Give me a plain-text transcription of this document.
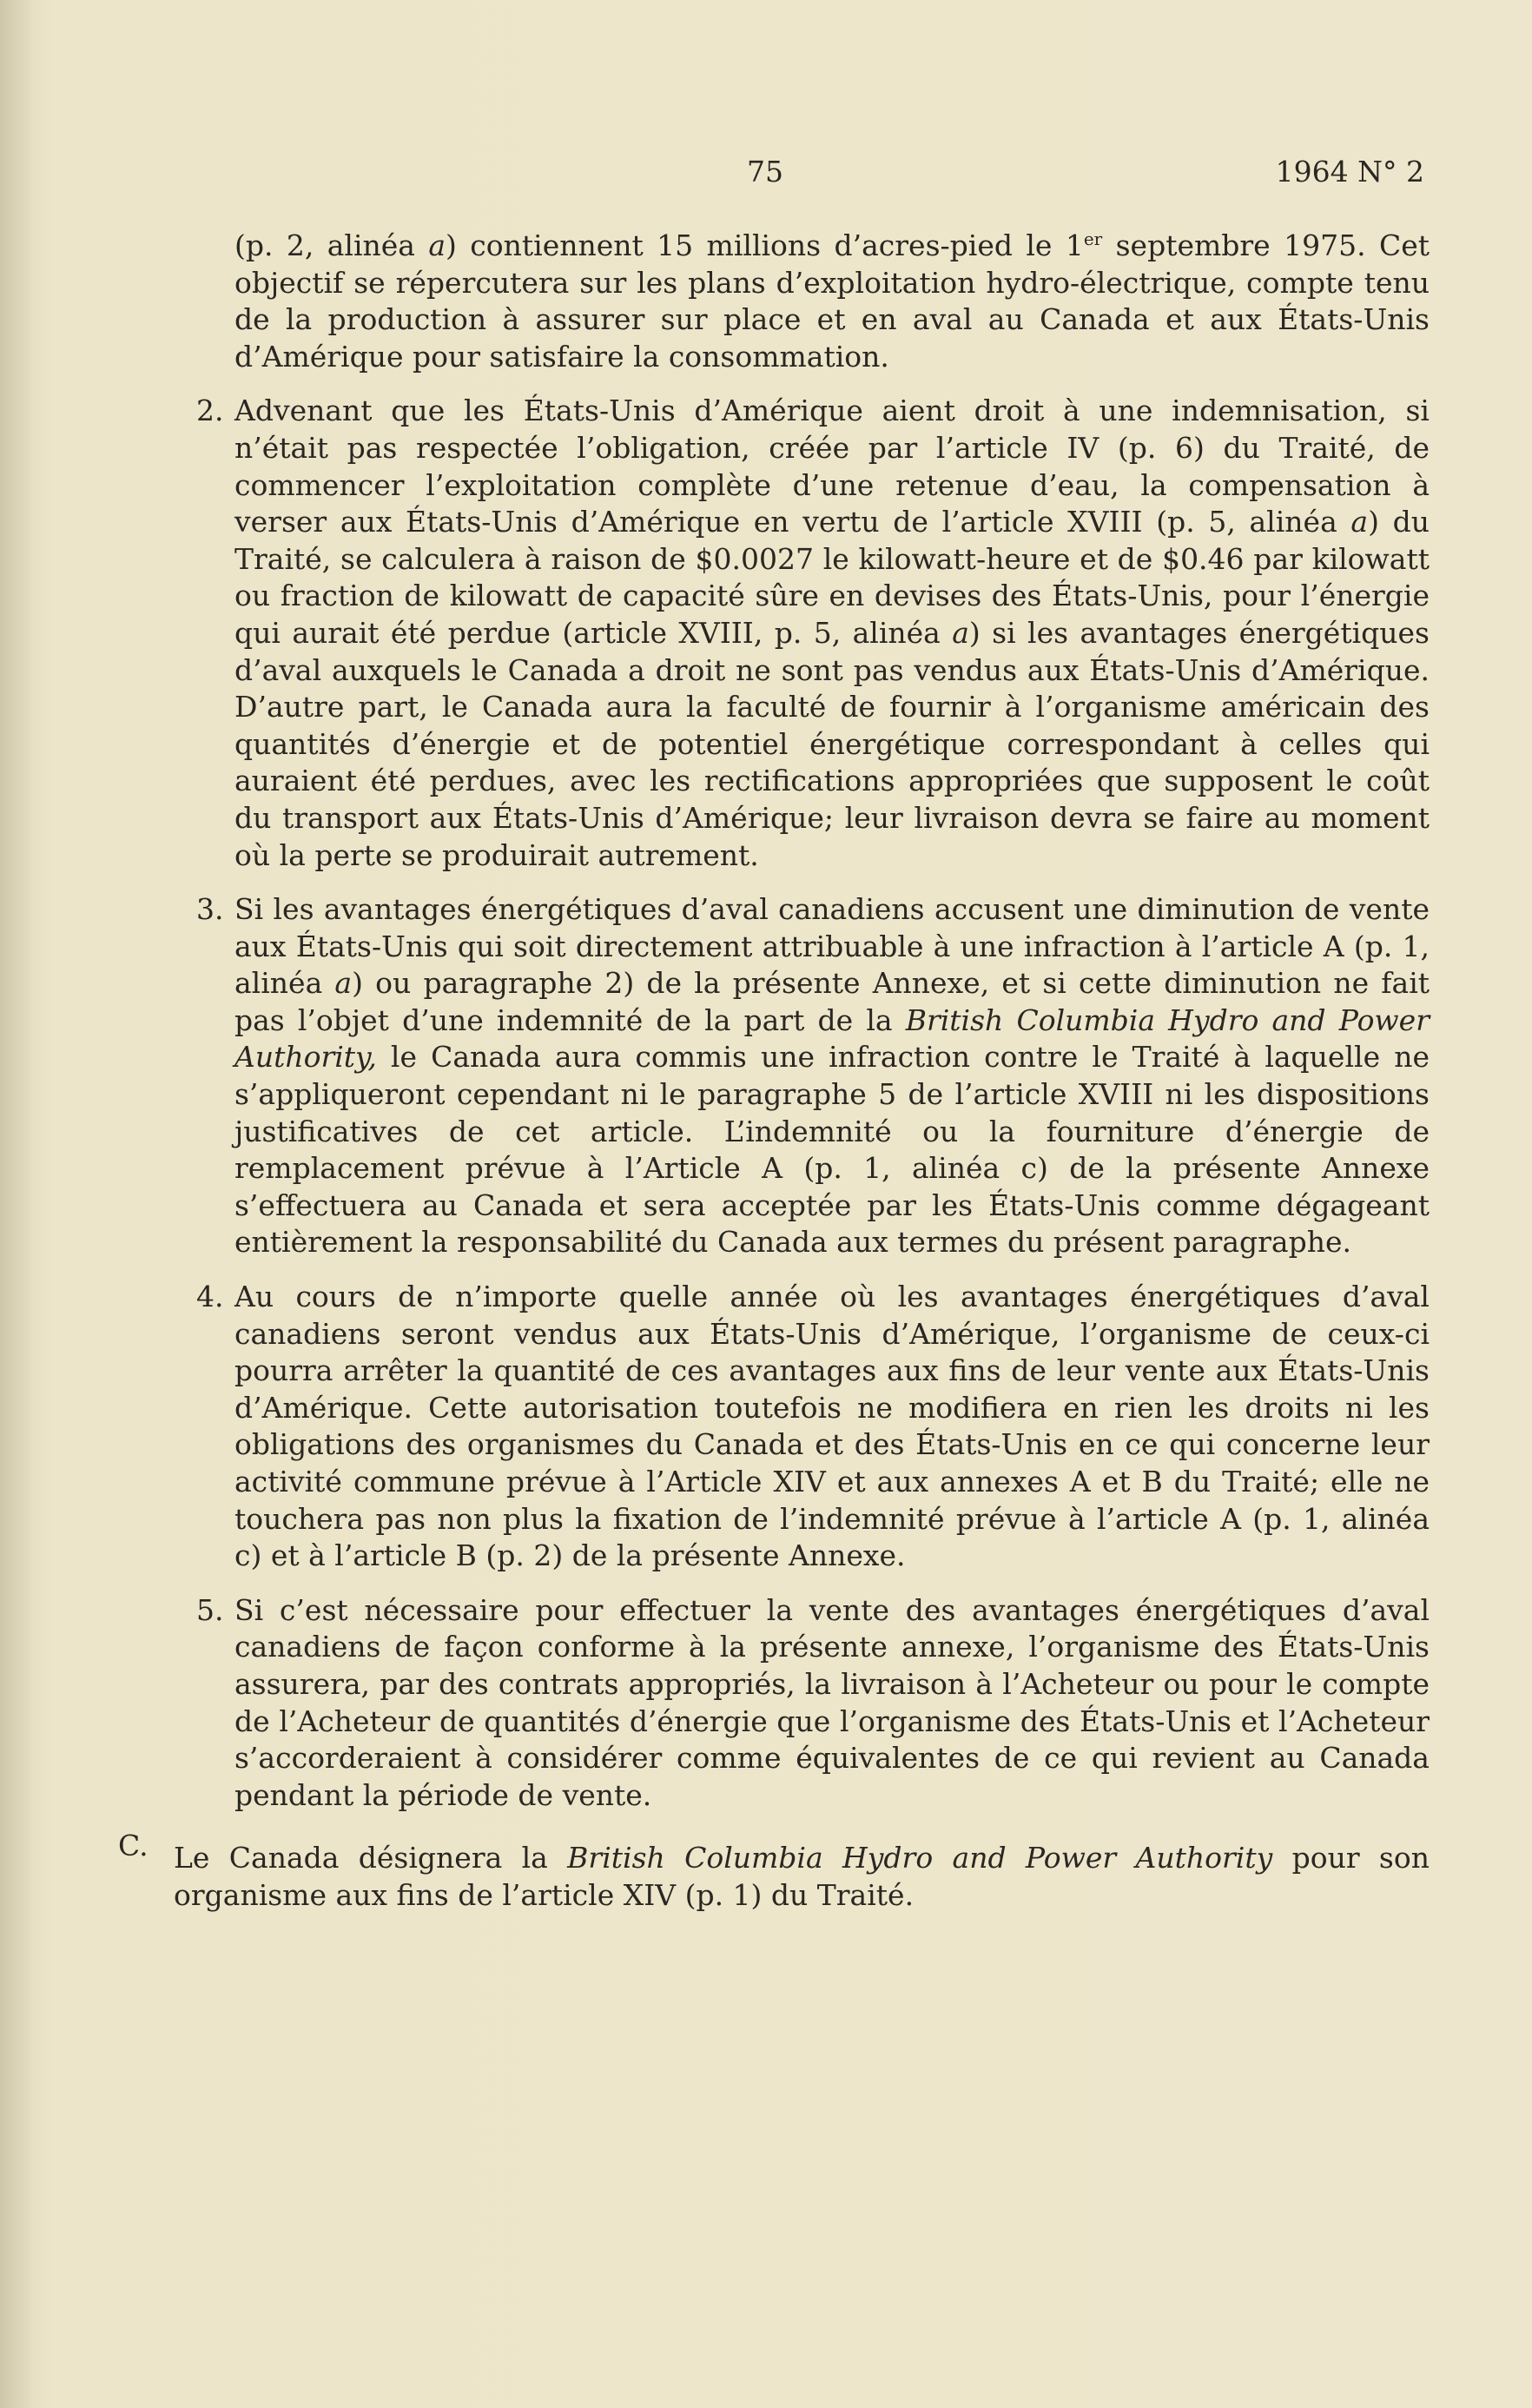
75	1964 N° 2

(p. 2, alinéa a) contiennent 15 millions d’acres-pied le 1er septembre 1975. Cet objectif se répercutera sur les plans d’exploitation hydro-électrique, compte tenu de la production à assurer sur place et en aval au Canada et aux États-Unis d’Amérique pour satisfaire la consommation.

2. Advenant que les États-Unis d’Amérique aient droit à une indemnisation, si n’était pas respectée l’obligation, créée par l’article IV (p. 6) du Traité, de commencer l’exploitation complète d’une retenue d’eau, la compensation à verser aux États-Unis d’Amérique en vertu de l’article XVIII (p. 5, alinéa a) du Traité, se calculera à raison de $0.0027 le kilowatt-heure et de $0.46 par kilowatt ou fraction de kilowatt de capacité sûre en devises des États-Unis, pour l’énergie qui aurait été perdue (article XVIII, p. 5, alinéa a) si les avantages énergétiques d’aval auxquels le Canada a droit ne sont pas vendus aux États-Unis d’Amérique. D’autre part, le Canada aura la faculté de fournir à l’organisme américain des quantités d’énergie et de potentiel énergétique correspondant à celles qui auraient été perdues, avec les rectifications appropriées que supposent le coût du transport aux États-Unis d’Amérique; leur livraison devra se faire au moment où la perte se produirait autrement.

3. Si les avantages énergétiques d’aval canadiens accusent une diminution de vente aux États-Unis qui soit directement attribuable à une infraction à l’article A (p. 1, alinéa a) ou paragraphe 2) de la présente Annexe, et si cette diminution ne fait pas l’objet d’une indemnité de la part de la British Columbia Hydro and Power Authority, le Canada aura commis une infraction contre le Traité à laquelle ne s’appliqueront cependant ni le paragraphe 5 de l’article XVIII ni les dispositions justificatives de cet article. L’indemnité ou la fourniture d’énergie de remplacement prévue à l’Article A (p. 1, alinéa c) de la présente Annexe s’effectuera au Canada et sera acceptée par les États-Unis comme dégageant entièrement la responsabilité du Canada aux termes du présent paragraphe.

4. Au cours de n’importe quelle année où les avantages énergétiques d’aval canadiens seront vendus aux États-Unis d’Amérique, l’organisme de ceux-ci pourra arrêter la quantité de ces avantages aux fins de leur vente aux États-Unis d’Amérique. Cette autorisation toutefois ne modifiera en rien les droits ni les obligations des organismes du Canada et des États-Unis en ce qui concerne leur activité commune prévue à l’Article XIV et aux annexes A et B du Traité; elle ne touchera pas non plus la fixation de l’indemnité prévue à l’article A (p. 1, alinéa c) et à l’article B (p. 2) de la présente Annexe.

5. Si c’est nécessaire pour effectuer la vente des avantages énergétiques d’aval canadiens de façon conforme à la présente annexe, l’organisme des États-Unis assurera, par des contrats appropriés, la livraison à l’Acheteur ou pour le compte de l’Acheteur de quantités d’énergie que l’organisme des États-Unis et l’Acheteur s’accorderaient à considérer comme équivalentes de ce qui revient au Canada pendant la période de vente.

C. Le Canada désignera la British Columbia Hydro and Power Authority pour son organisme aux fins de l’article XIV (p. 1) du Traité.
